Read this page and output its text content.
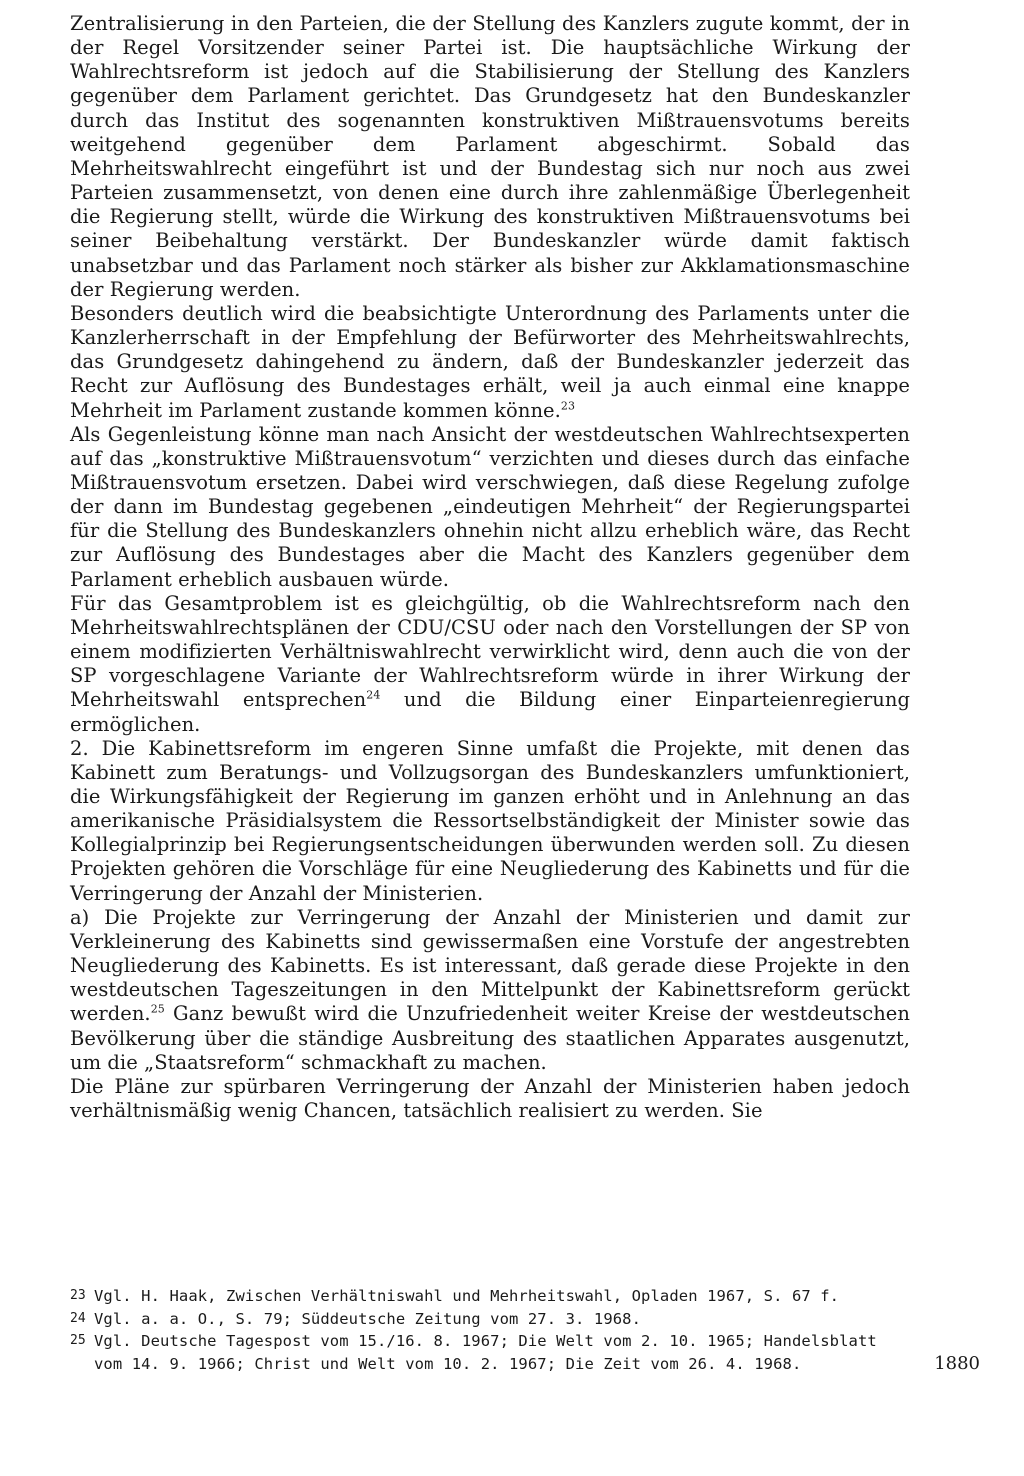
Zentralisierung in den Parteien, die der Stellung des Kanzlers zugute kommt, der in der Regel Vorsitzender seiner Partei ist. Die hauptsächliche Wirkung der Wahlrechtsreform ist jedoch auf die Stabilisierung der Stellung des Kanzlers gegenüber dem Parlament gerichtet. Das Grundgesetz hat den Bundeskanzler durch das Institut des sogenannten konstruktiven Mißtrauensvotums bereits weitgehend gegenüber dem Parlament abgeschirmt. Sobald das Mehrheitswahlrecht eingeführt ist und der Bundestag sich nur noch aus zwei Parteien zusammensetzt, von denen eine durch ihre zahlenmäßige Überlegenheit die Regierung stellt, würde die Wirkung des konstruktiven Mißtrauensvotums bei seiner Beibehaltung verstärkt. Der Bundeskanzler würde damit faktisch unabsetzbar und das Parlament noch stärker als bisher zur Akklamationsmaschine der Regierung werden.

Besonders deutlich wird die beabsichtigte Unterordnung des Parlaments unter die Kanzlerherrschaft in der Empfehlung der Befürworter des Mehrheitswahlrechts, das Grundgesetz dahingehend zu ändern, daß der Bundeskanzler jederzeit das Recht zur Auflösung des Bundestages erhält, weil ja auch einmal eine knappe Mehrheit im Parlament zustande kommen könne.$^{23}$

Als Gegenleistung könne man nach Ansicht der westdeutschen Wahlrechtsexperten auf das „konstruktive Mißtrauensvotum“ verzichten und dieses durch das einfache Mißtrauensvotum ersetzen. Dabei wird verschwiegen, daß diese Regelung zufolge der dann im Bundestag gegebenen „eindeutigen Mehrheit“ der Regierungspartei für die Stellung des Bundeskanzlers ohnehin nicht allzu erheblich wäre, das Recht zur Auflösung des Bundestages aber die Macht des Kanzlers gegenüber dem Parlament erheblich ausbauen würde.

Für das Gesamtproblem ist es gleichgültig, ob die Wahlrechtsreform nach den Mehrheitswahlrechtsplänen der CDU/CSU oder nach den Vorstellungen der SP von einem modifizierten Verhältniswahlrecht verwirklicht wird, denn auch die von der SP vorgeschlagene Variante der Wahlrechtsreform würde in ihrer Wirkung der Mehrheitswahl entsprechen$^{24}$ und die Bildung einer Einparteienregierung ermöglichen.

2. Die Kabinettsreform im engeren Sinne umfaßt die Projekte, mit denen das Kabinett zum Beratungs- und Vollzugsorgan des Bundeskanzlers umfunktioniert, die Wirkungsfähigkeit der Regierung im ganzen erhöht und in Anlehnung an das amerikanische Präsidialsystem die Ressortselbständigkeit der Minister sowie das Kollegialprinzip bei Regierungsentscheidungen überwunden werden soll. Zu diesen Projekten gehören die Vorschläge für eine Neugliederung des Kabinetts und für die Verringerung der Anzahl der Ministerien.

a) Die Projekte zur Verringerung der Anzahl der Ministerien und damit zur Verkleinerung des Kabinetts sind gewissermaßen eine Vorstufe der angestrebten Neugliederung des Kabinetts. Es ist interessant, daß gerade diese Projekte in den westdeutschen Tageszeitungen in den Mittelpunkt der Kabinettsreform gerückt werden.$^{25}$ Ganz bewußt wird die Unzufriedenheit weiter Kreise der westdeutschen Bevölkerung über die ständige Ausbreitung des staatlichen Apparates ausgenutzt, um die „Staatsreform“ schmackhaft zu machen.

Die Pläne zur spürbaren Verringerung der Anzahl der Ministerien haben jedoch verhältnismäßig wenig Chancen, tatsächlich realisiert zu werden. Sie

23 Vgl. H. Haak, Zwischen Verhältniswahl und Mehrheitswahl, Opladen 1967, S. 67 f.
24 Vgl. a. a. O., S. 79; Süddeutsche Zeitung vom 27. 3. 1968.
25 Vgl. Deutsche Tagespost vom 15./16. 8. 1967; Die Welt vom 2. 10. 1965; Handelsblatt vom 14. 9. 1966; Christ und Welt vom 10. 2. 1967; Die Zeit vom 26. 4. 1968.	1880
